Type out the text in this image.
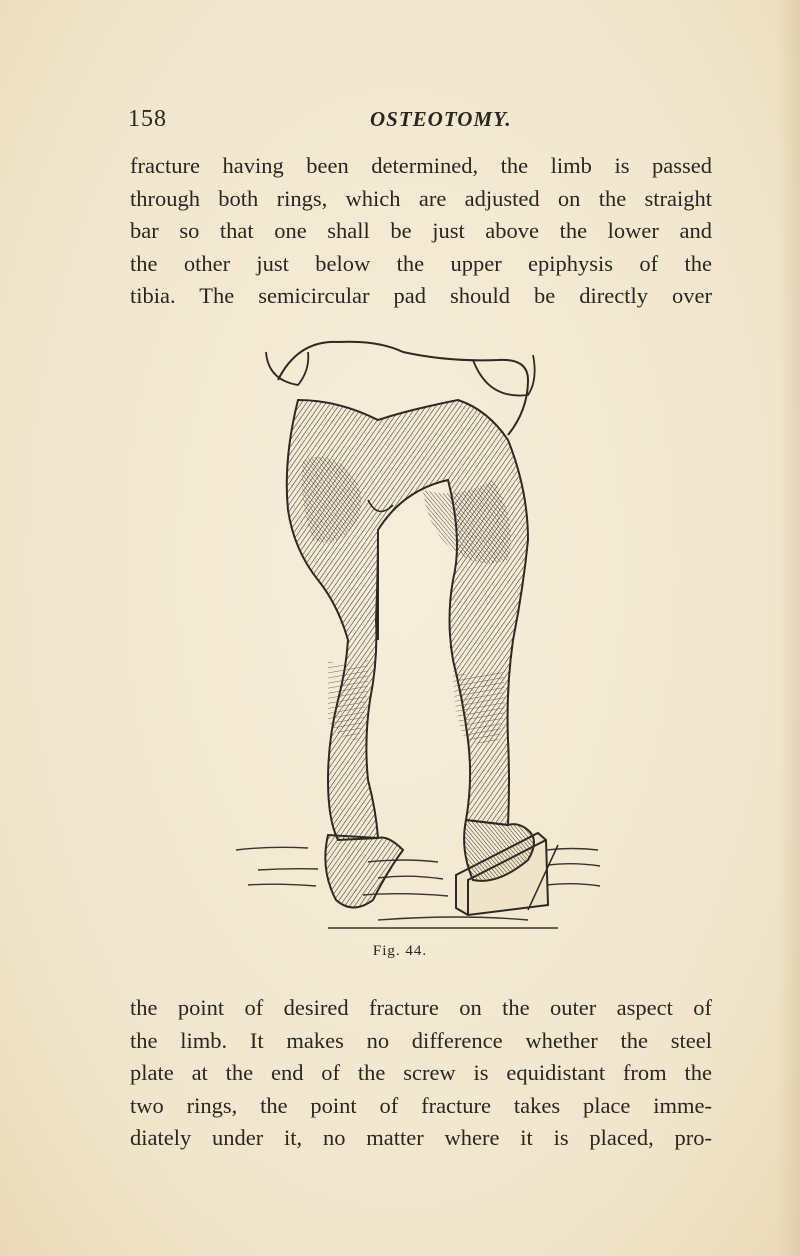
158	OSTEOTOMY.
fracture having been determined, the limb is passed
through both rings, which are adjusted on the straight
bar so that one shall be just above the lower and
the other just below the upper epiphysis of the
tibia. The semicircular pad should be directly over
Fig. 44.
the point of desired fracture on the outer aspect of
the limb. It makes no difference whether the steel
plate at the end of the screw is equidistant from the
two rings, the point of fracture takes place imme-
diately under it, no matter where it is placed, pro-
